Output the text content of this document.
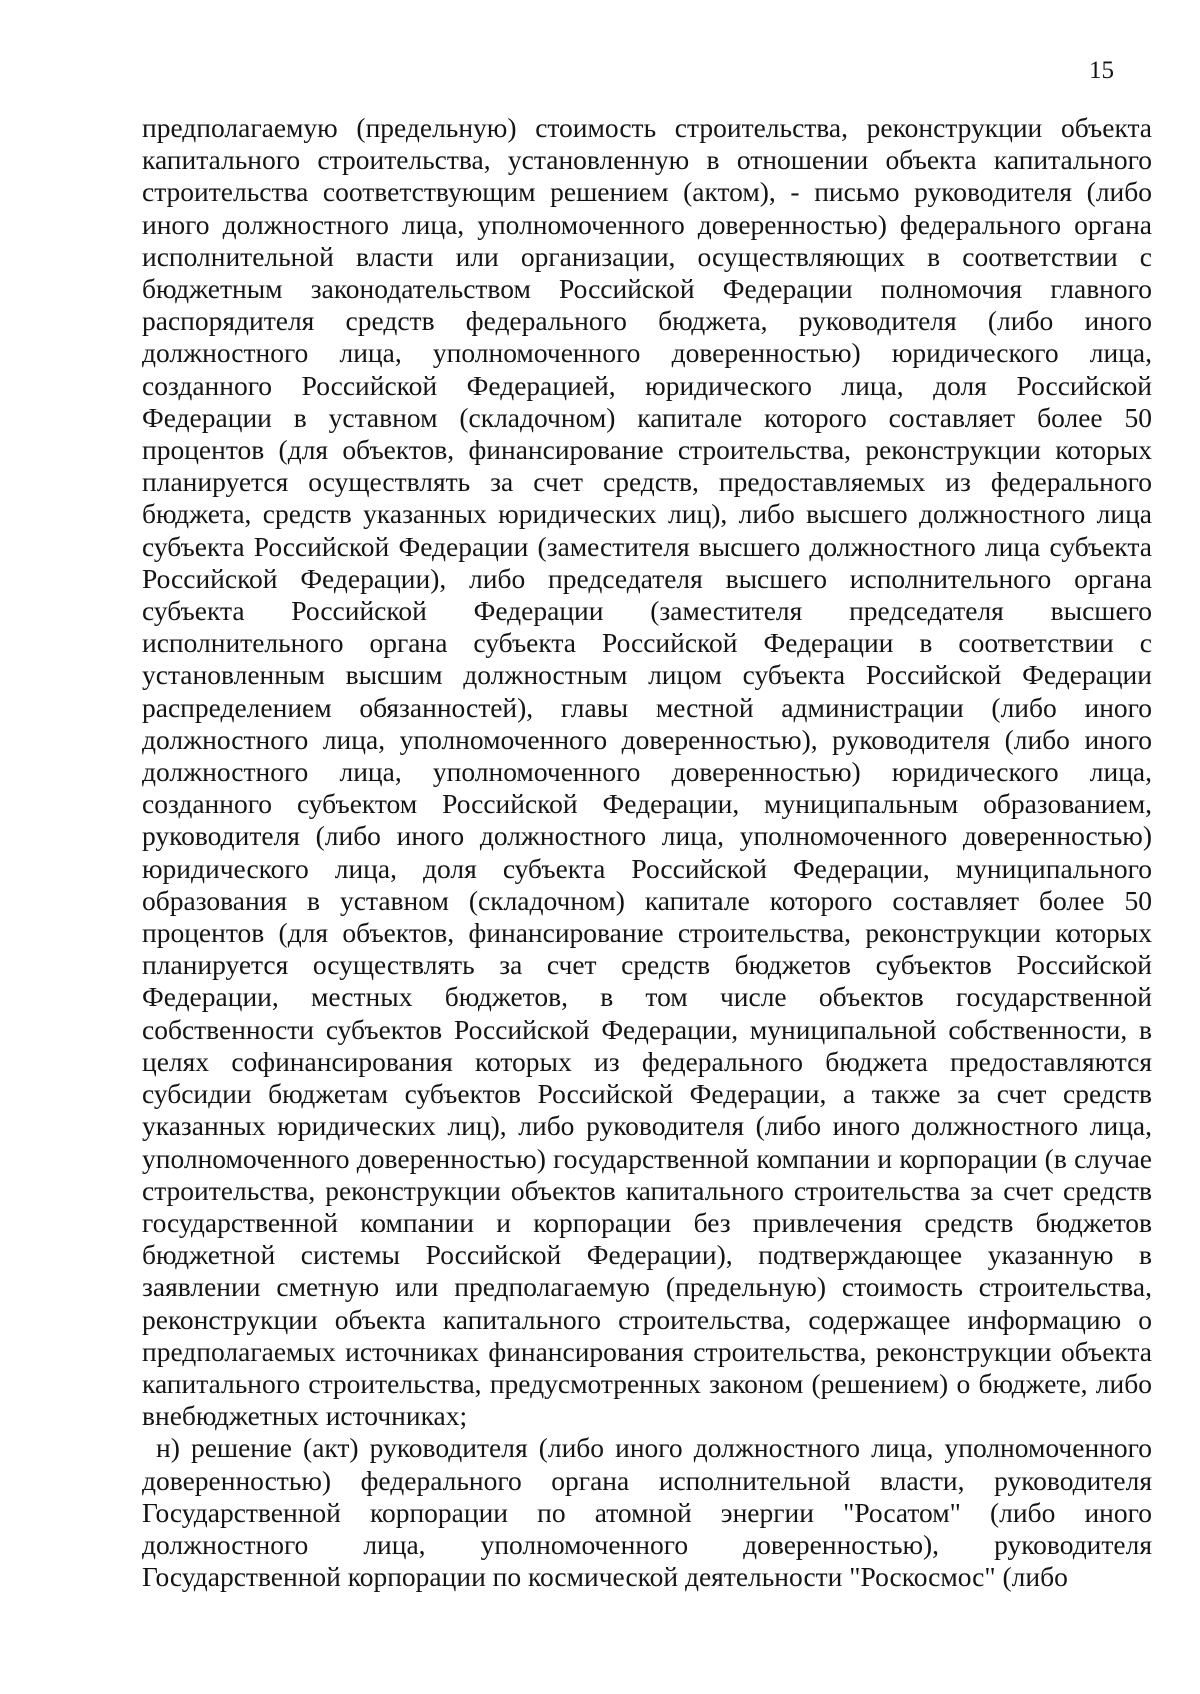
15

предполагаемую (предельную) стоимость строительства, реконструкции объекта капитального строительства, установленную в отношении объекта капитального строительства соответствующим решением (актом), - письмо руководителя (либо иного должностного лица, уполномоченного доверенностью) федерального органа исполнительной власти или организации, осуществляющих в соответствии с бюджетным законодательством Российской Федерации полномочия главного распорядителя средств федерального бюджета, руководителя (либо иного должностного лица, уполномоченного доверенностью) юридического лица, созданного Российской Федерацией, юридического лица, доля Российской Федерации в уставном (складочном) капитале которого составляет более 50 процентов (для объектов, финансирование строительства, реконструкции которых планируется осуществлять за счет средств, предоставляемых из федерального бюджета, средств указанных юридических лиц), либо высшего должностного лица субъекта Российской Федерации (заместителя высшего должностного лица субъекта Российской Федерации), либо председателя высшего исполнительного органа субъекта Российской Федерации (заместителя председателя высшего исполнительного органа субъекта Российской Федерации в соответствии с установленным высшим должностным лицом субъекта Российской Федерации распределением обязанностей), главы местной администрации (либо иного должностного лица, уполномоченного доверенностью), руководителя (либо иного должностного лица, уполномоченного доверенностью) юридического лица, созданного субъектом Российской Федерации, муниципальным образованием, руководителя (либо иного должностного лица, уполномоченного доверенностью) юридического лица, доля субъекта Российской Федерации, муниципального образования в уставном (складочном) капитале которого составляет более 50 процентов (для объектов, финансирование строительства, реконструкции которых планируется осуществлять за счет средств бюджетов субъектов Российской Федерации, местных бюджетов, в том числе объектов государственной собственности субъектов Российской Федерации, муниципальной собственности, в целях софинансирования которых из федерального бюджета предоставляются субсидии бюджетам субъектов Российской Федерации, а также за счет средств указанных юридических лиц), либо руководителя (либо иного должностного лица, уполномоченного доверенностью) государственной компании и корпорации (в случае строительства, реконструкции объектов капитального строительства за счет средств государственной компании и корпорации без привлечения средств бюджетов бюджетной системы Российской Федерации), подтверждающее указанную в заявлении сметную или предполагаемую (предельную) стоимость строительства, реконструкции объекта капитального строительства, содержащее информацию о предполагаемых источниках финансирования строительства, реконструкции объекта капитального строительства, предусмотренных законом (решением) о бюджете, либо внебюджетных источниках;

н) решение (акт) руководителя (либо иного должностного лица, уполномоченного доверенностью) федерального органа исполнительной власти, руководителя Государственной корпорации по атомной энергии "Росатом" (либо иного должностного лица, уполномоченного доверенностью), руководителя Государственной корпорации по космической деятельности "Роскосмос" (либо
